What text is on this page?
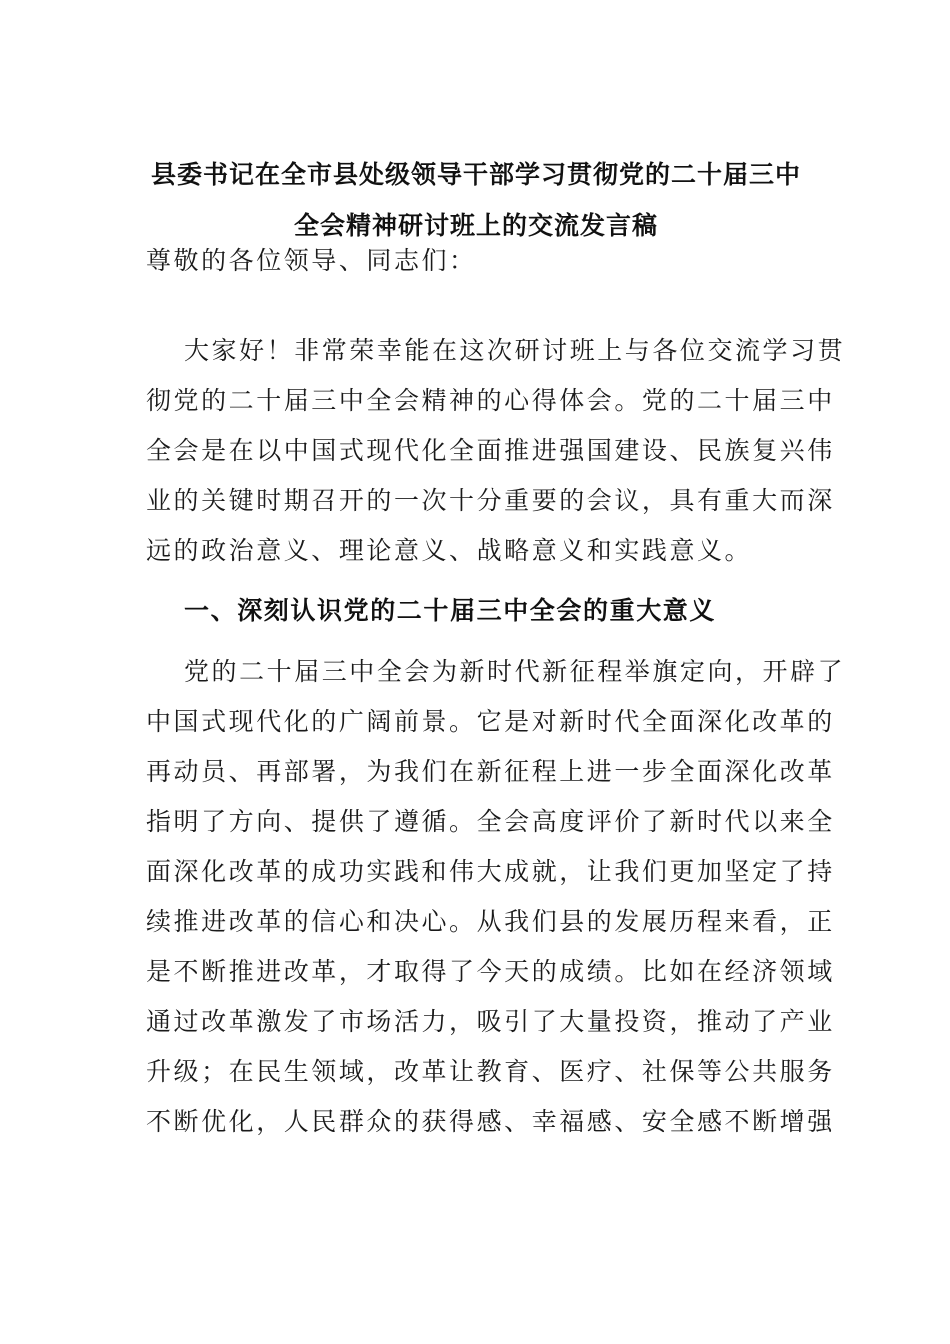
县委书记在全市县处级领导干部学习贯彻党的二十届三中
全会精神研讨班上的交流发言稿
尊敬的各位领导、同志们：
大家好！非常荣幸能在这次研讨班上与各位交流学习贯
彻党的二十届三中全会精神的心得体会。党的二十届三中
全会是在以中国式现代化全面推进强国建设、民族复兴伟
业的关键时期召开的一次十分重要的会议，具有重大而深
远的政治意义、理论意义、战略意义和实践意义。
一、深刻认识党的二十届三中全会的重大意义
党的二十届三中全会为新时代新征程举旗定向，开辟了
中国式现代化的广阔前景。它是对新时代全面深化改革的
再动员、再部署，为我们在新征程上进一步全面深化改革
指明了方向、提供了遵循。全会高度评价了新时代以来全
面深化改革的成功实践和伟大成就，让我们更加坚定了持
续推进改革的信心和决心。从我们县的发展历程来看，正
是不断推进改革，才取得了今天的成绩。比如在经济领域
通过改革激发了市场活力，吸引了大量投资，推动了产业
升级；在民生领域，改革让教育、医疗、社保等公共服务
不断优化，人民群众的获得感、幸福感、安全感不断增强
